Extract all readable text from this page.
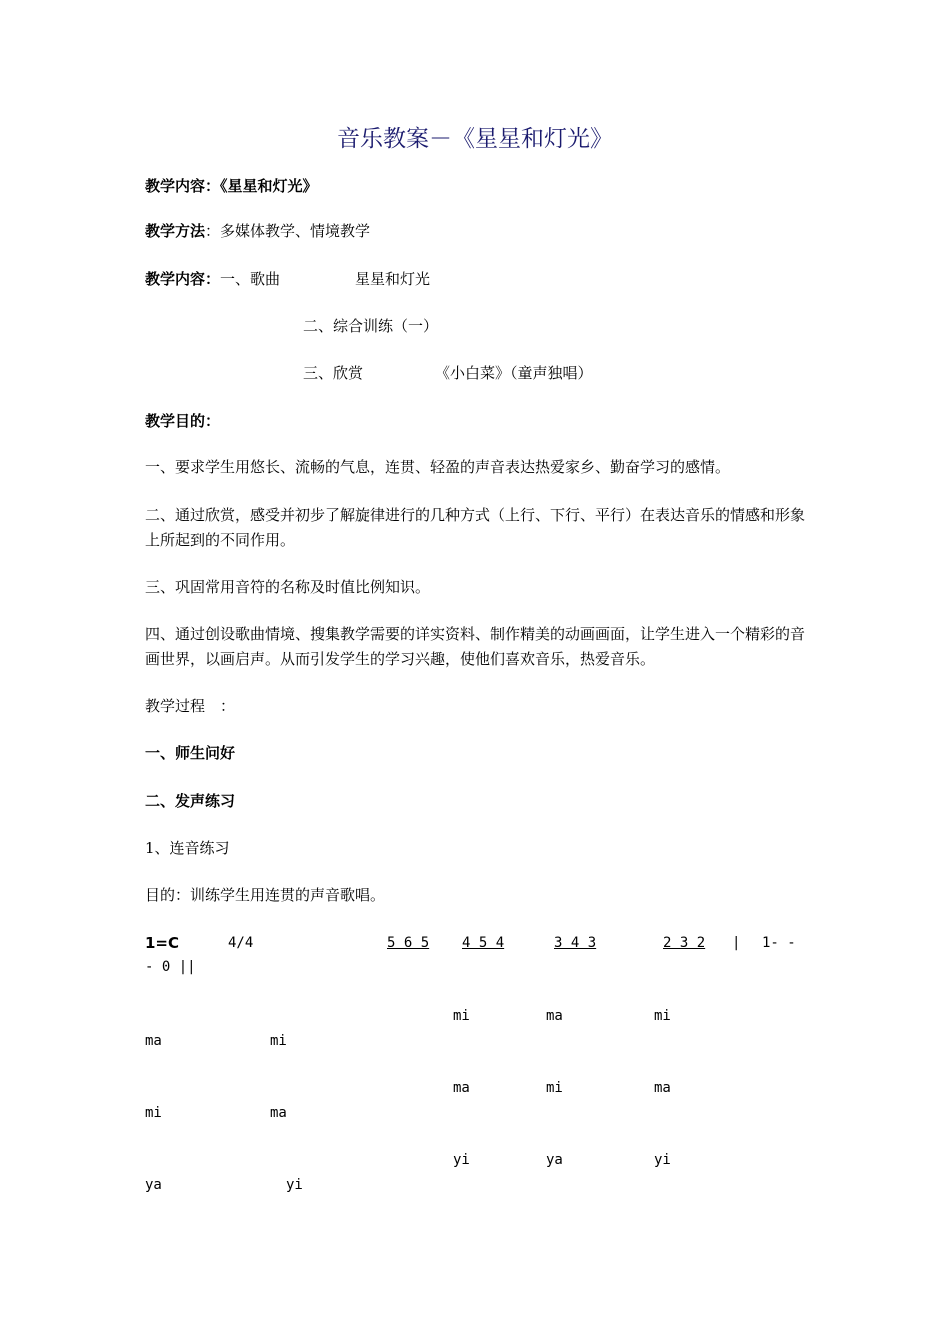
音乐教案－《星星和灯光》
教学内容：《星星和灯光》
教学方法：多媒体教学、情境教学
教学内容：一、歌曲	星星和灯光
二、综合训练（一）
三、欣赏	《小白菜》（童声独唱）
教学目的：
一、要求学生用悠长、流畅的气息，连贯、轻盈的声音表达热爱家乡、勤奋学习的感情。
二、通过欣赏，感受并初步了解旋律进行的几种方式（上行、下行、平行）在表达音乐的情感和形象上所起到的不同作用。
三、巩固常用音符的名称及时值比例知识。
四、通过创设歌曲情境、搜集教学需要的详实资料、制作精美的动画画面，让学生进入一个精彩的音画世界，以画启声。从而引发学生的学习兴趣，使他们喜欢音乐，热爱音乐。
教学过程　：
一、师生问好
二、发声练习
1、连音练习
目的：训练学生用连贯的声音歌唱。
1=C	4/4	5 6 5 4 5 4	3 4 3	2 3 2 | 1- -
- 0 ||
mi	ma	mi
ma	mi
ma	mi	ma
mi	ma
yi	ya	yi
ya	yi
